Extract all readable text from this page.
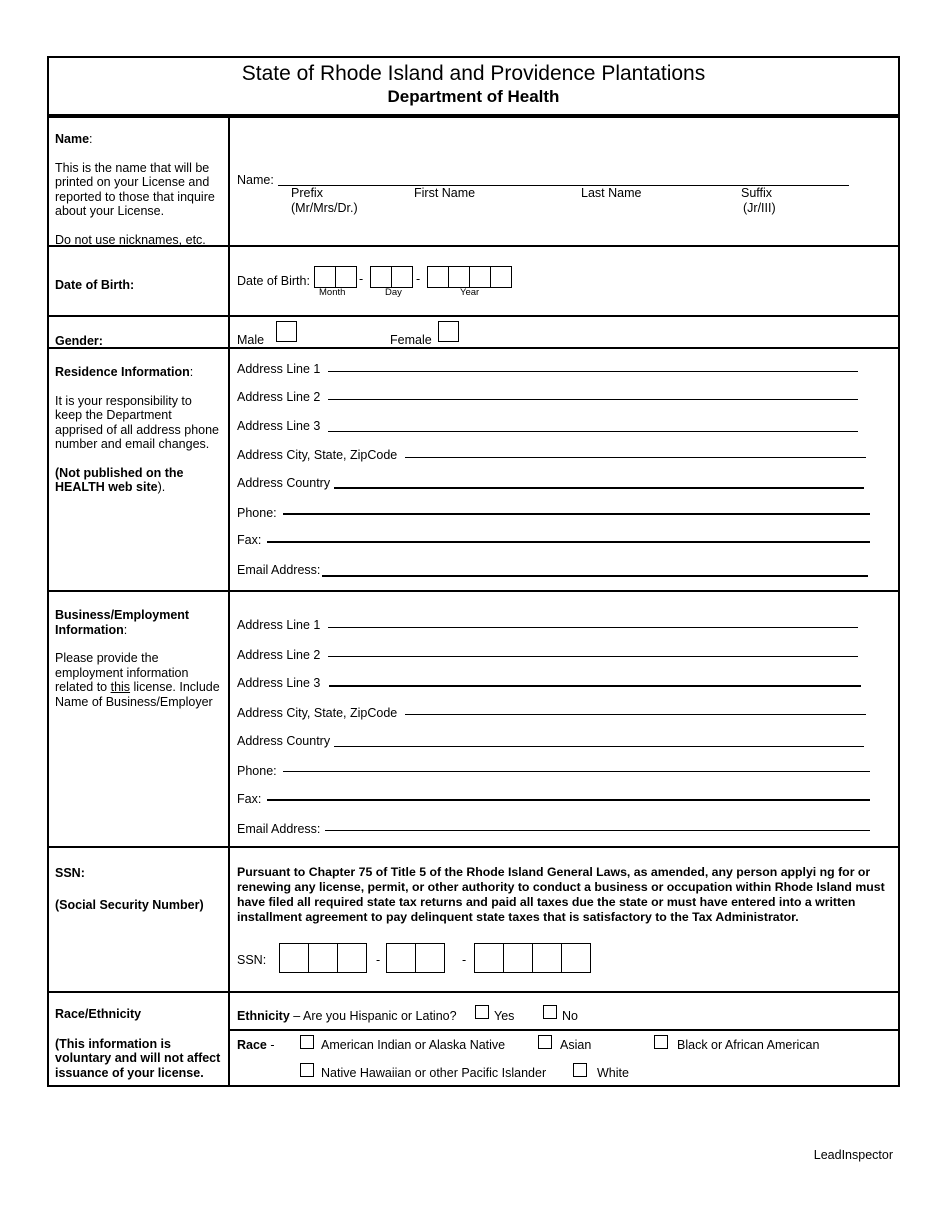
State of Rhode Island and Providence Plantations
Department of Health

Name:

This is the name that will be printed on your License and reported to those that inquire about your License.

Do not use nicknames, etc.

Name:
Prefix
(Mr/Mrs/Dr.)
First Name	Last Name	Suffix
(Jr/III)
Date of Birth:	Date of Birth:	-	-
Month	Day	Year
Gender:	Male	Female

Residence Information:

It is your responsibility to keep the Department apprised of all address phone number and email changes.

(Not published on the HEALTH web site).

Address Line 1
Address Line 2
Address Line 3
Address City, State, ZipCode
Address Country
Phone:
Fax:
Email Address:

Business/Employment Information:

Please provide the employment information related to this license. Include Name of Business/Employer

Address Line 1
Address Line 2
Address Line 3
Address City, State, ZipCode
Address Country
Phone:
Fax:
Email Address:

SSN:

(Social Security Number)

Pursuant to Chapter 75 of Title 5 of the Rhode Island General Laws, as amended, any person applyi ng for or renewing any license, permit, or other authority to conduct a business or occupation within Rhode Island must have filed all required state tax returns and paid all taxes due the state or must have entered into a written installment agreement to pay delinquent state taxes that is satisfactory to the Tax Administrator.

SSN:	-	-

Race/Ethnicity

(This information is voluntary and will not affect issuance of your license.

Ethnicity – Are you Hispanic or Latino?	Yes	No
Race -	American Indian or Alaska Native	Asian	Black or African American
Native Hawaiian or other Pacific Islander	White
LeadInspector
